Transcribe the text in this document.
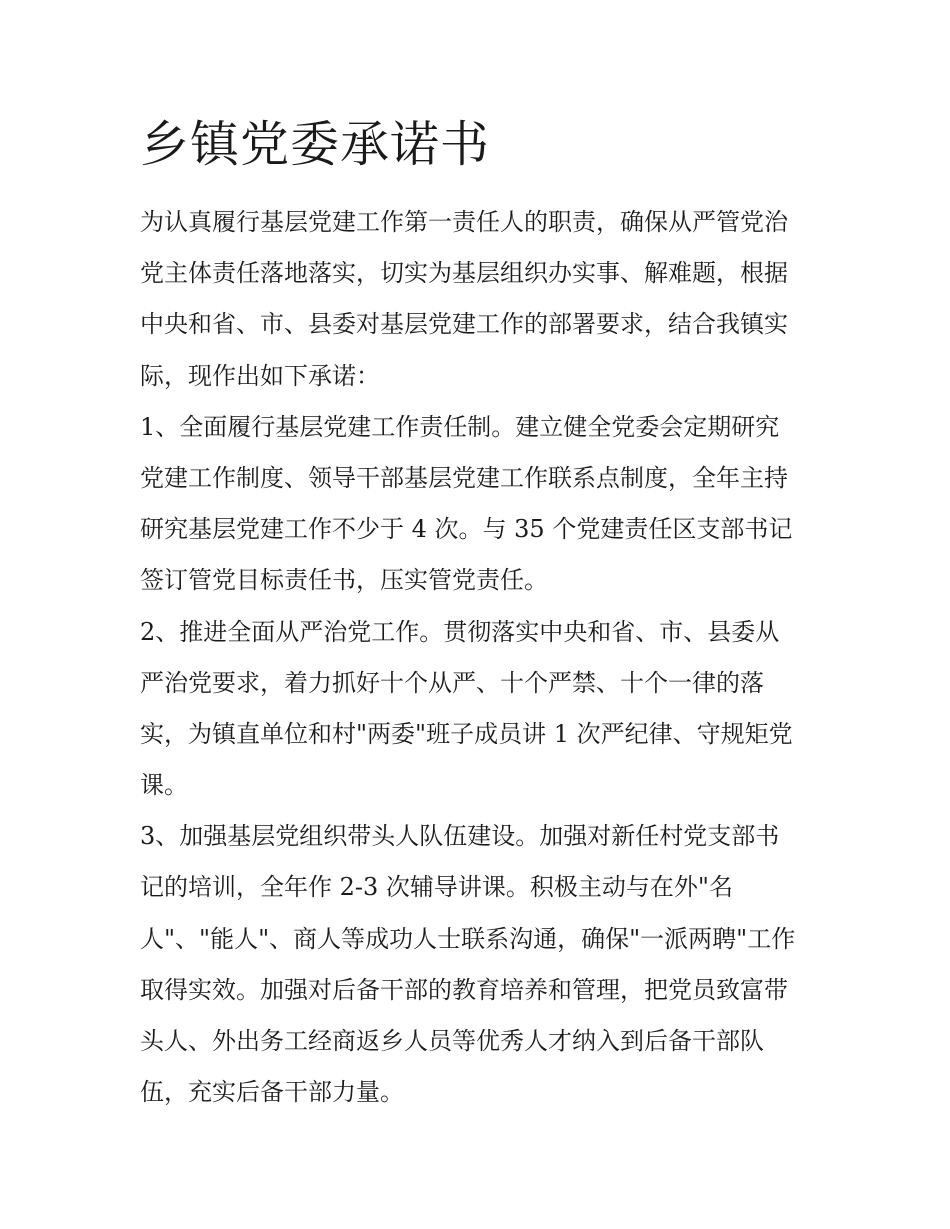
乡镇党委承诺书
为认真履行基层党建工作第一责任人的职责，确保从严管党治
党主体责任落地落实，切实为基层组织办实事、解难题，根据
中央和省、市、县委对基层党建工作的部署要求，结合我镇实
际，现作出如下承诺：
1、全面履行基层党建工作责任制。建立健全党委会定期研究
党建工作制度、领导干部基层党建工作联系点制度，全年主持
研究基层党建工作不少于 4 次。与 35 个党建责任区支部书记
签订管党目标责任书，压实管党责任。
2、推进全面从严治党工作。贯彻落实中央和省、市、县委从
严治党要求，着力抓好十个从严、十个严禁、十个一律的落
实，为镇直单位和村"两委"班子成员讲 1 次严纪律、守规矩党
课。
3、加强基层党组织带头人队伍建设。加强对新任村党支部书
记的培训，全年作 2-3 次辅导讲课。积极主动与在外"名
人"、"能人"、商人等成功人士联系沟通，确保"一派两聘"工作
取得实效。加强对后备干部的教育培养和管理，把党员致富带
头人、外出务工经商返乡人员等优秀人才纳入到后备干部队
伍，充实后备干部力量。
